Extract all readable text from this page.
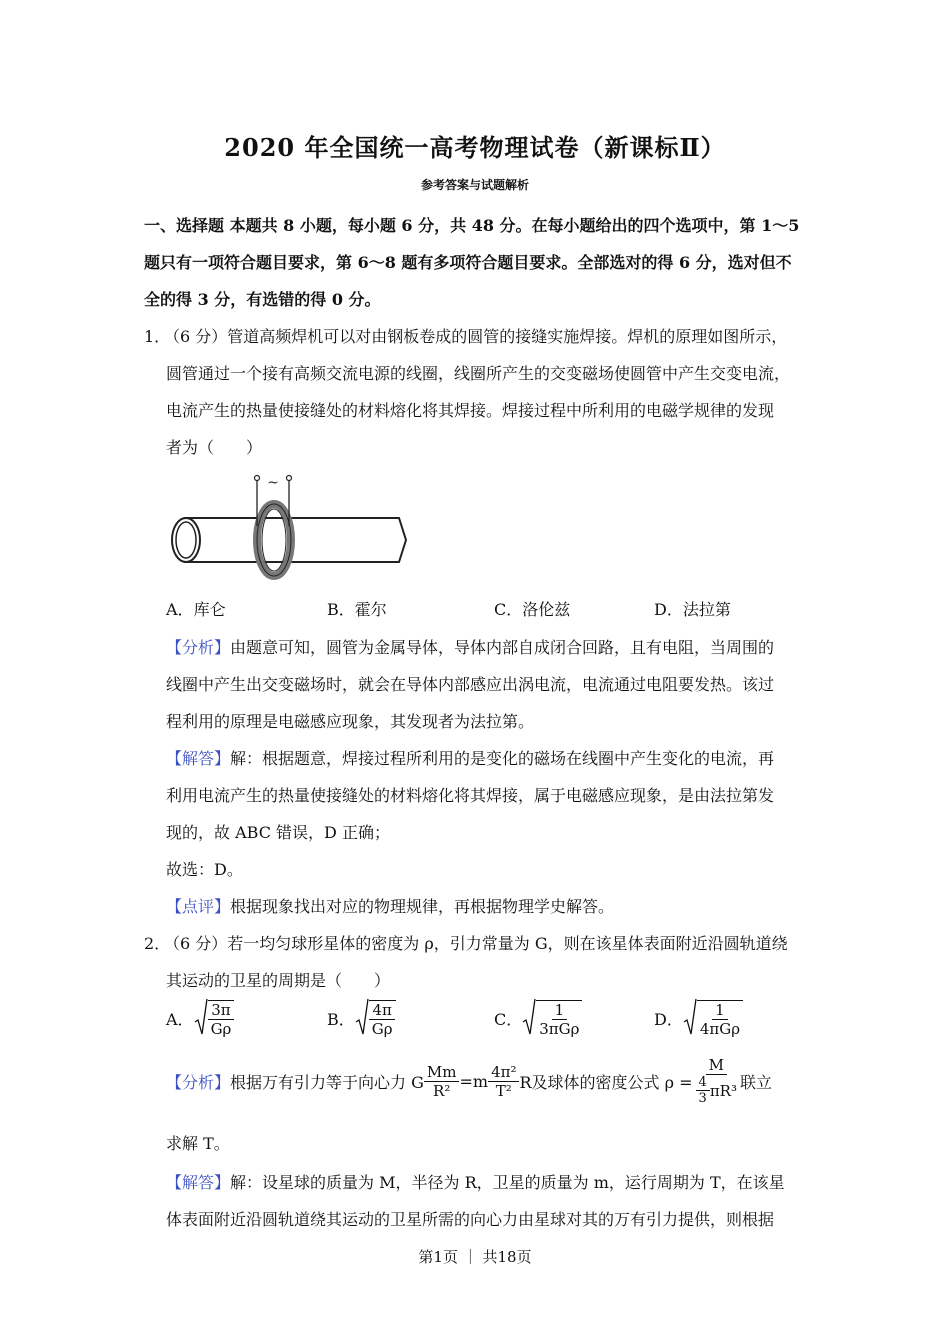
2020 年全国统一高考物理试卷（新课标Ⅱ）
参考答案与试题解析
一、选择题 本题共 8 小题，每小题 6 分，共 48 分。在每小题给出的四个选项中，第 1～5
题只有一项符合题目要求，第 6～8 题有多项符合题目要求。全部选对的得 6 分，选对但不
全的得 3 分，有选错的得 0 分。
1．
（6 分）管道高频焊机可以对由钢板卷成的圆管的接缝实施焊接。焊机的原理如图所示，
圆管通过一个接有高频交流电源的线圈，线圈所产生的交变磁场使圆管中产生交变电流，
电流产生的热量使接缝处的材料熔化将其焊接。焊接过程中所利用的电磁学规律的发现
者为（　　）
~
A．库仑	B．霍尔	C．洛伦兹	D．法拉第
【分析】由题意可知，圆管为金属导体，导体内部自成闭合回路，且有电阻，当周围的
线圈中产生出交变磁场时，就会在导体内部感应出涡电流，电流通过电阻要发热。该过
程利用的原理是电磁感应现象，其发现者为法拉第。
【解答】解：根据题意，焊接过程所利用的是变化的磁场在线圈中产生变化的电流，再
利用电流产生的热量使接缝处的材料熔化将其焊接，属于电磁感应现象，是由法拉第发
现的，故 ABC 错误，D 正确；
故选：D。
【点评】根据现象找出对应的物理规律，再根据物理学史解答。
2．
（6 分）若一均匀球形星体的密度为 ρ，引力常量为 G，则在该星体表面附近沿圆轨道绕
其运动的卫星的周期是（　　）
A． $\frac{3\pi}{G\rho}$	B． $\frac{4\pi}{G\rho}$	C． $\frac{1}{\text{3πGρ}}$	D． $\frac{1}{\text{4πGρ}}$
【分析】 根据万有引力等于向心力 G $\frac{Mm}{\text{R²}} =m \frac{\text{4π²}}{\text{T²}}$ R及球体的密度公式 $\rho = \frac{M}{\frac{4}{3} \pi R^3}$ 联立
求解 T。
【解答】解：设星球的质量为 M，半径为 R，卫星的质量为 m，运行周期为 T，在该星
体表面附近沿圆轨道绕其运动的卫星所需的向心力由星球对其的万有引力提供，则根据
第1页 ｜ 共18页
